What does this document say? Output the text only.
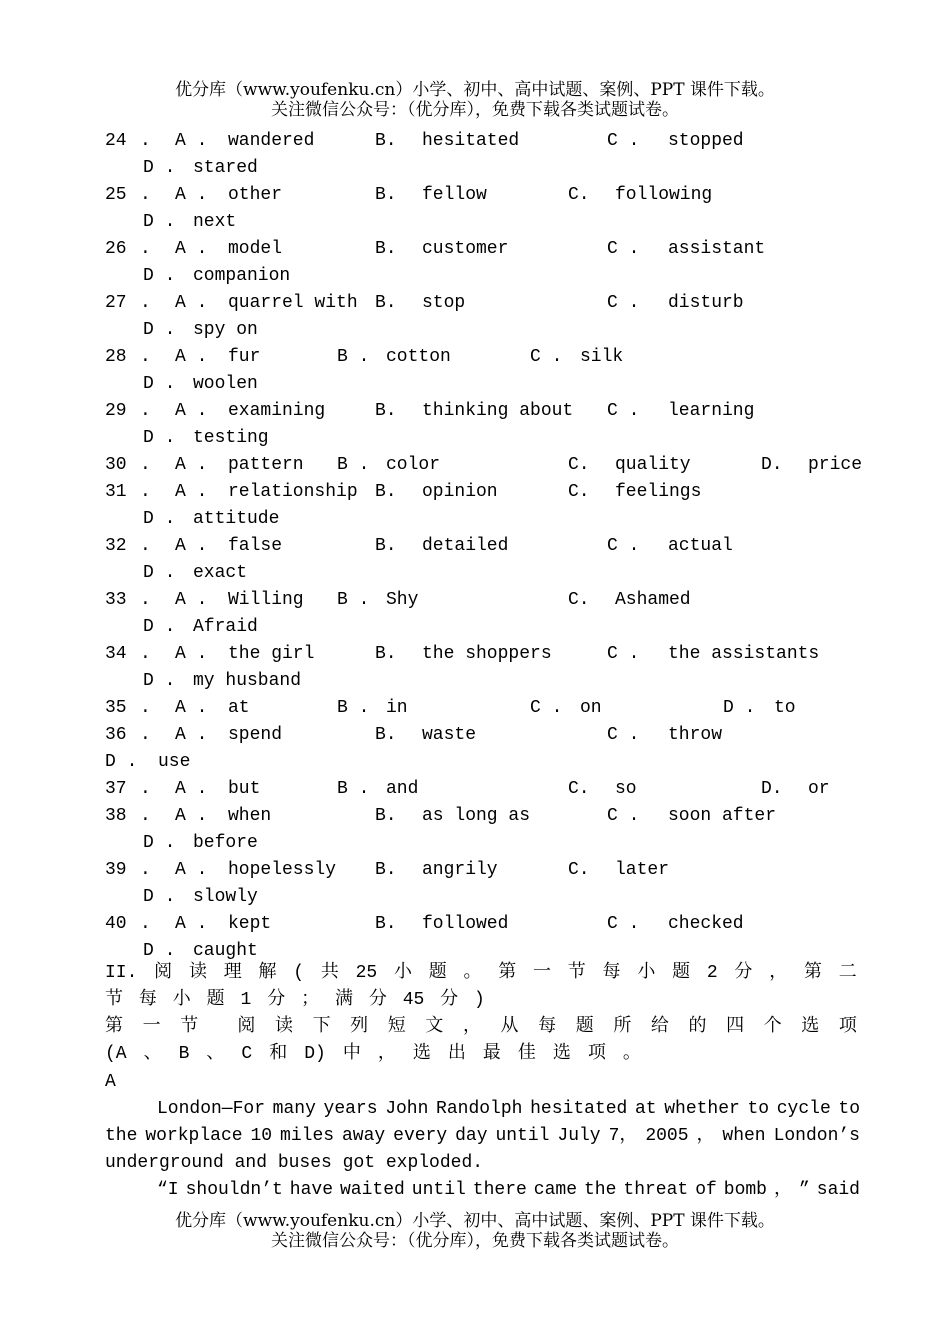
优分库（www.youfenku.cn）小学、初中、高中试题、案例、PPT 课件下载。
关注微信公众号：（优分库），免费下载各类试题试卷。
24 . A . wandered	B. hesitated	C . stopped
D . stared
25 . A . other	B. fellow	C. following
D . next
26 . A . model	B. customer	C . assistant
D . companion
27 . A . quarrel with B. stop	C . disturb
D . spy on
28 . A . fur	B . cotton	C . silk
D . woolen
29 . A . examining	B. thinking about C . learning
D . testing
30 . A . pattern B . color	C. quality	D. price
31 . A . relationship B. opinion	C. feelings
D . attitude
32 . A . false	B. detailed	C . actual
D . exact
33 . A . Willing B . Shy	C. Ashamed
D . Afraid
34 . A . the girl	B. the shoppers	C . the assistants
D . my husband
35 . A . at	B . in	C . on	D . to
36 . A . spend	B. waste	C . throw
D . use
37 . A . but	B . and	C. so	D. or
38 . A . when	B. as long as	C . soon after
D . before
39 . A . hopelessly B. angrily	C. later
D . slowly
40 . A . kept	B. followed	C . checked
D . caught
II. 阅 读 理 解 ( 共 25 小 题 。 第 一 节 每 小 题 2 分 ， 第 二
节 每 小 题 1 分 ； 满 分 45 分 )
第 一 节 阅 读 下 列 短 文 ， 从 每 题 所 给 的 四 个 选 项
(A 、 B 、 C 和 D) 中 ， 选 出 最 佳 选 项 。
A
London—For many years John Randolph hesitated at whether to cycle to
the workplace 10 miles away every day until July 7， 2005 ， when London’s
underground and buses got exploded.
“I shouldn’t have waited until there came the threat of bomb ， ” said
优分库（www.youfenku.cn）小学、初中、高中试题、案例、PPT 课件下载。
关注微信公众号：（优分库），免费下载各类试题试卷。
